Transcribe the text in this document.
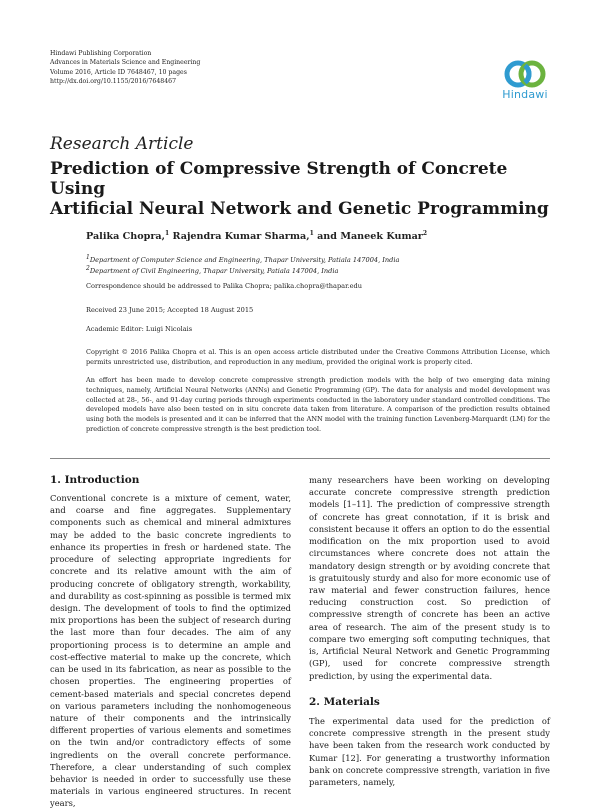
Hindawi Publishing Corporation
Advances in Materials Science and Engineering
Volume 2016, Article ID 7648467, 10 pages
http://dx.doi.org/10.1155/2016/7648467
Hindawi
Research Article
Prediction of Compressive Strength of Concrete Using
Artificial Neural Network and Genetic Programming
Palika Chopra,$^1$ Rajendra Kumar Sharma,$^1$ and Maneek Kumar$^2$
$^1$Department of Computer Science and Engineering, Thapar University, Patiala 147004, India
$^2$Department of Civil Engineering, Thapar University, Patiala 147004, India
Correspondence should be addressed to Palika Chopra; palika.chopra@thapar.edu
Received 23 June 2015; Accepted 18 August 2015
Academic Editor: Luigi Nicolais
Copyright © 2016 Palika Chopra et al. This is an open access article distributed under the Creative Commons Attribution License, which permits unrestricted use, distribution, and reproduction in any medium, provided the original work is properly cited.
An effort has been made to develop concrete compressive strength prediction models with the help of two emerging data mining techniques, namely, Artificial Neural Networks (ANNs) and Genetic Programming (GP). The data for analysis and model development was collected at 28-, 56-, and 91-day curing periods through experiments conducted in the laboratory under standard controlled conditions. The developed models have also been tested on in situ concrete data taken from literature. A comparison of the prediction results obtained using both the models is presented and it can be inferred that the ANN model with the training function Levenberg-Marquardt (LM) for the prediction of concrete compressive strength is the best prediction tool.
1. Introduction

Conventional concrete is a mixture of cement, water, and coarse and fine aggregates. Supplementary components such as chemical and mineral admixtures may be added to the basic concrete ingredients to enhance its properties in fresh or hardened state. The procedure of selecting appropriate ingredients for concrete and its relative amount with the aim of producing concrete of obligatory strength, workability, and durability as cost-spinning as possible is termed mix design. The development of tools to find the optimized mix proportions has been the subject of research during the last more than four decades. The aim of any proportioning process is to determine an ample and cost-effective material to make up the concrete, which can be used in its fabrication, as near as possible to the chosen properties. The engineering properties of cement-based materials and special concretes depend on various parameters including the nonhomogeneous nature of their components and the intrinsically different properties of various elements and sometimes on the twin and/or contradictory effects of some ingredients on the overall concrete performance. Therefore, a clear understanding of such complex behavior is needed in order to successfully use these materials in various engineered structures. In recent years,

many researchers have been working on developing accurate concrete compressive strength prediction models [1–11]. The prediction of compressive strength of concrete has great connotation, if it is brisk and consistent because it offers an option to do the essential modification on the mix proportion used to avoid circumstances where concrete does not attain the mandatory design strength or by avoiding concrete that is gratuitously sturdy and also for more economic use of raw material and fewer construction failures, hence reducing construction cost. So prediction of compressive strength of concrete has been an active area of research. The aim of the present study is to compare two emerging soft computing techniques, that is, Artificial Neural Network and Genetic Programming (GP), used for concrete compressive strength prediction, by using the experimental data.

2. Materials

The experimental data used for the prediction of concrete compressive strength in the present study have been taken from the research work conducted by Kumar [12]. For generating a trustworthy information bank on concrete compressive strength, variation in five parameters, namely,
